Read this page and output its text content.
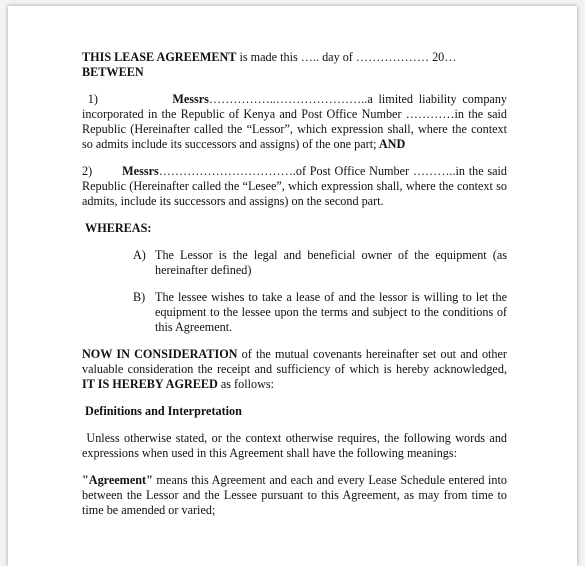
THIS LEASE AGREEMENT is made this ….. day of ……………… 20…

BETWEEN

1)	Messrs……………..…………………..a limited liability company incorporated in the Republic of Kenya and Post Office Number …………in the said Republic (Hereinafter called the “Lessor”, which expression shall, where the context so admits include its successors and assigns) of the one part; AND

2) Messrs…………………………….of Post Office Number ………..in the said Republic (Hereinafter called the “Lesee”, which expression shall, where the context so admits, include its successors and assigns) on the second part.

WHEREAS:

A) The Lessor is the legal and beneficial owner of the equipment (as hereinafter defined)
B) The lessee wishes to take a lease of and the lessor is willing to let the equipment to the lessee upon the terms and subject to the conditions of this Agreement.

NOW IN CONSIDERATION of the mutual covenants hereinafter set out and other valuable consideration the receipt and sufficiency of which is hereby acknowledged, IT IS HEREBY AGREED as follows:

Definitions and Interpretation

Unless otherwise stated, or the context otherwise requires, the following words and expressions when used in this Agreement shall have the following meanings:

"Agreement" means this Agreement and each and every Lease Schedule entered into between the Lessor and the Lessee pursuant to this Agreement, as may from time to time be amended or varied;
